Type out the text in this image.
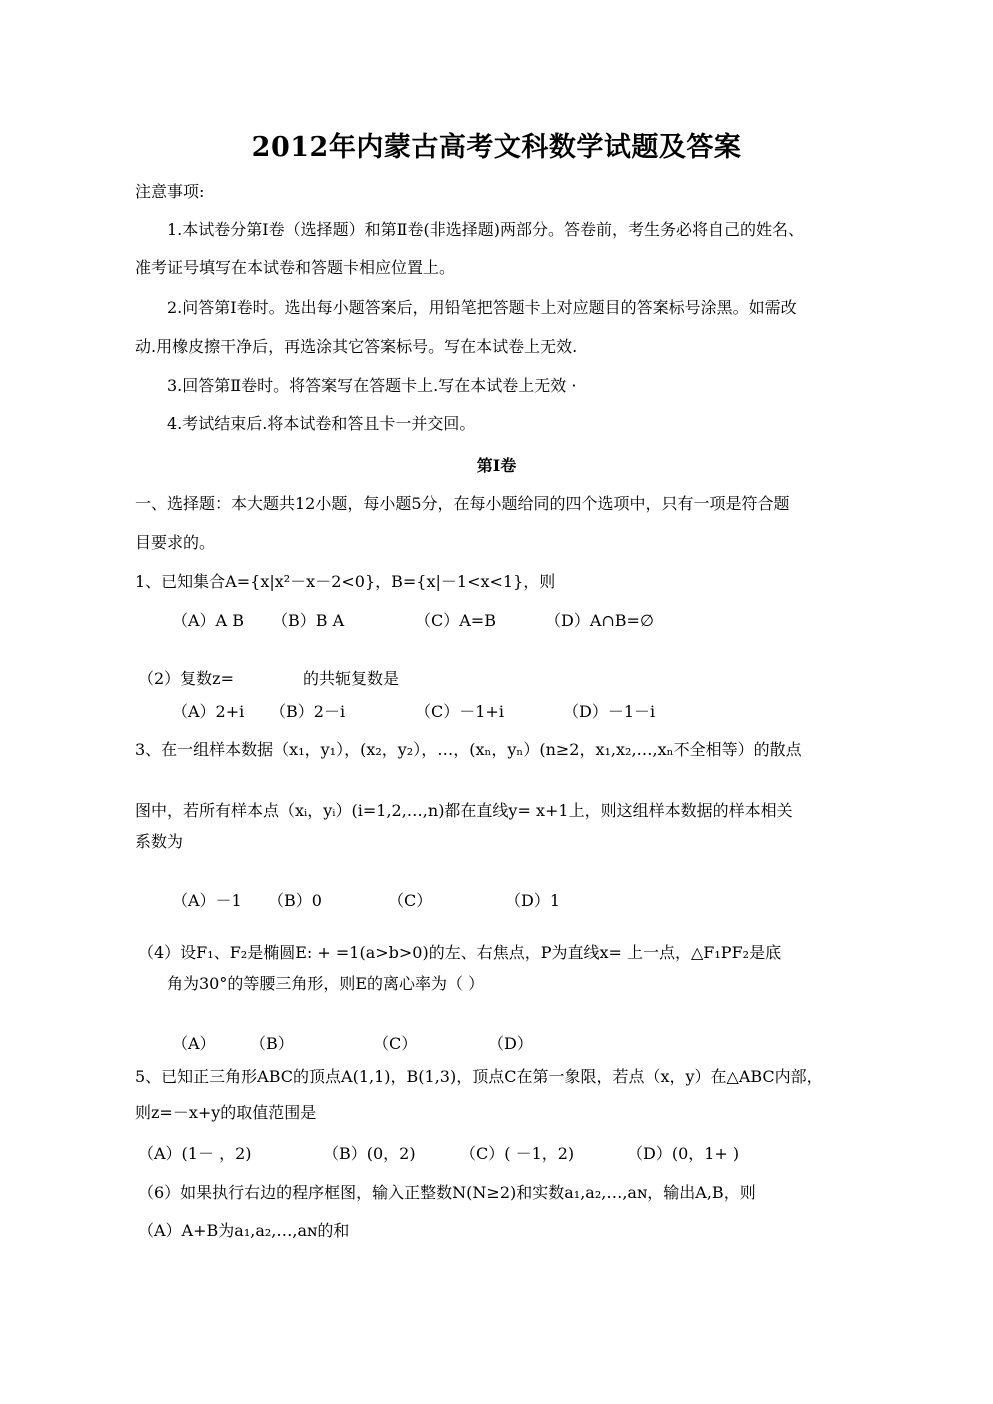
2012年内蒙古高考文科数学试题及答案
注意事项:
1.本试卷分第Ⅰ卷（选择题）和第Ⅱ卷(非选择题)两部分。答卷前，考生务必将自己的姓名、
准考证号填写在本试卷和答题卡相应位置上。
2.问答第Ⅰ卷时。选出每小题答案后，用铅笔把答题卡上对应题目的答案标号涂黑。如需改
动.用橡皮擦干净后，再选涂其它答案标号。写在本试卷上无效.
3.回答第Ⅱ卷时。将答案写在答题卡上.写在本试卷上无效 ·
4.考试结束后.将本试卷和答且卡一并交回。
第Ⅰ卷
一、选择题：本大题共12小题，每小题5分，在每小题给同的四个选项中，只有一项是符合题
目要求的。
1、已知集合A={x|x²－x－2<0}，B={x|－1<x<1}，则
（A）A B （B）B A	（C）A=B	（D）A∩B=∅
（2）复数z=	的共轭复数是
（A）2+i （B）2－i	（C）－1+i	（D）－1－i
3、在一组样本数据（x₁，y₁），(x₂，y₂），…，(xₙ，yₙ）(n≥2，x₁,x₂,…,xₙ不全相等）的散点
图中，若所有样本点（xᵢ，yᵢ）(i=1,2,…,n)都在直线y= x+1上，则这组样本数据的样本相关
系数为
（A）－1 （B）0	（C）	（D）1
（4）设F₁、F₂是椭圆E: + =1(a>b>0)的左、右焦点，P为直线x= 上一点，△F₁PF₂是底
角为30°的等腰三角形，则E的离心率为（ ）
（A） （B）	（C）	（D）
5、已知正三角形ABC的顶点A(1,1)，B(1,3)，顶点C在第一象限，若点（x，y）在△ABC内部，
则z=－x+y的取值范围是
（A）(1－ ，2)	（B）(0，2)	（C）( －1，2)	（D）(0，1+ )
（6）如果执行右边的程序框图，输入正整数N(N≥2)和实数a₁,a₂,…,aɴ，输出A,B，则
（A）A+B为a₁,a₂,…,aɴ的和
